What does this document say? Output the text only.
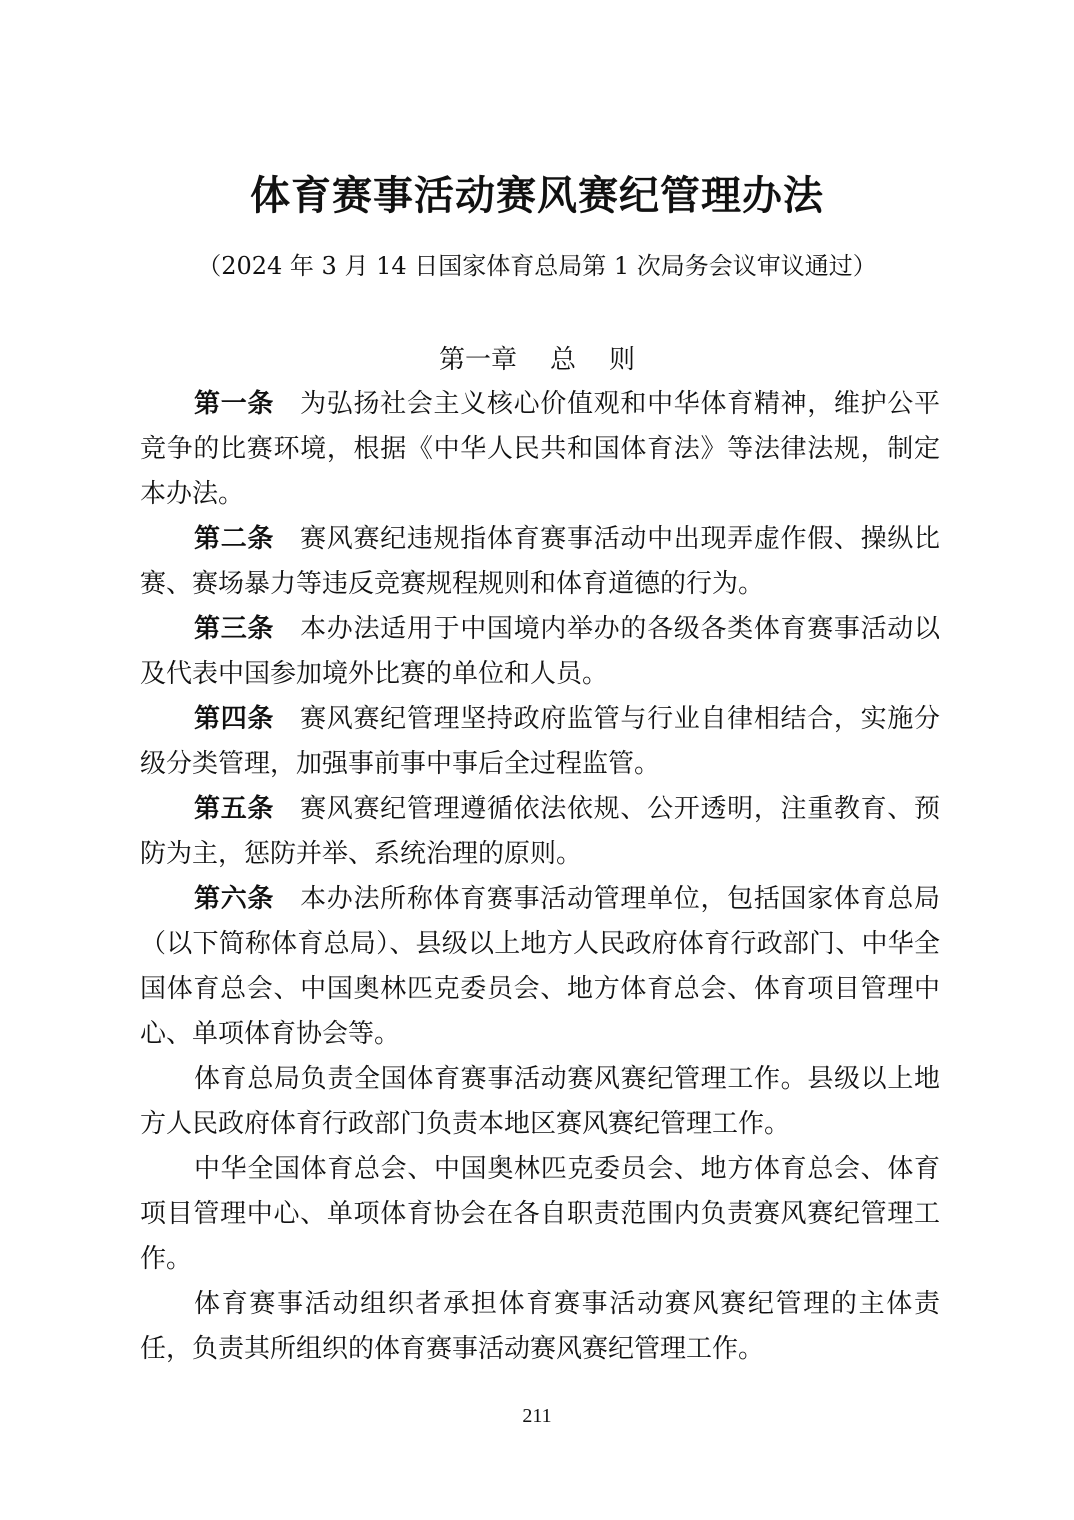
体育赛事活动赛风赛纪管理办法
（2024 年 3 月 14 日国家体育总局第 1 次局务会议审议通过）
第一章    总    则

第一条 为弘扬社会主义核心价值观和中华体育精神，维护公平竞争的比赛环境，根据《中华人民共和国体育法》等法律法规，制定本办法。

第二条 赛风赛纪违规指体育赛事活动中出现弄虚作假、操纵比赛、赛场暴力等违反竞赛规程规则和体育道德的行为。

第三条 本办法适用于中国境内举办的各级各类体育赛事活动以及代表中国参加境外比赛的单位和人员。

第四条 赛风赛纪管理坚持政府监管与行业自律相结合，实施分级分类管理，加强事前事中事后全过程监管。

第五条 赛风赛纪管理遵循依法依规、公开透明，注重教育、预防为主，惩防并举、系统治理的原则。

第六条 本办法所称体育赛事活动管理单位，包括国家体育总局（以下简称体育总局）、县级以上地方人民政府体育行政部门、中华全国体育总会、中国奥林匹克委员会、地方体育总会、体育项目管理中心、单项体育协会等。

体育总局负责全国体育赛事活动赛风赛纪管理工作。县级以上地方人民政府体育行政部门负责本地区赛风赛纪管理工作。

中华全国体育总会、中国奥林匹克委员会、地方体育总会、体育项目管理中心、单项体育协会在各自职责范围内负责赛风赛纪管理工作。

体育赛事活动组织者承担体育赛事活动赛风赛纪管理的主体责任，负责其所组织的体育赛事活动赛风赛纪管理工作。

211
